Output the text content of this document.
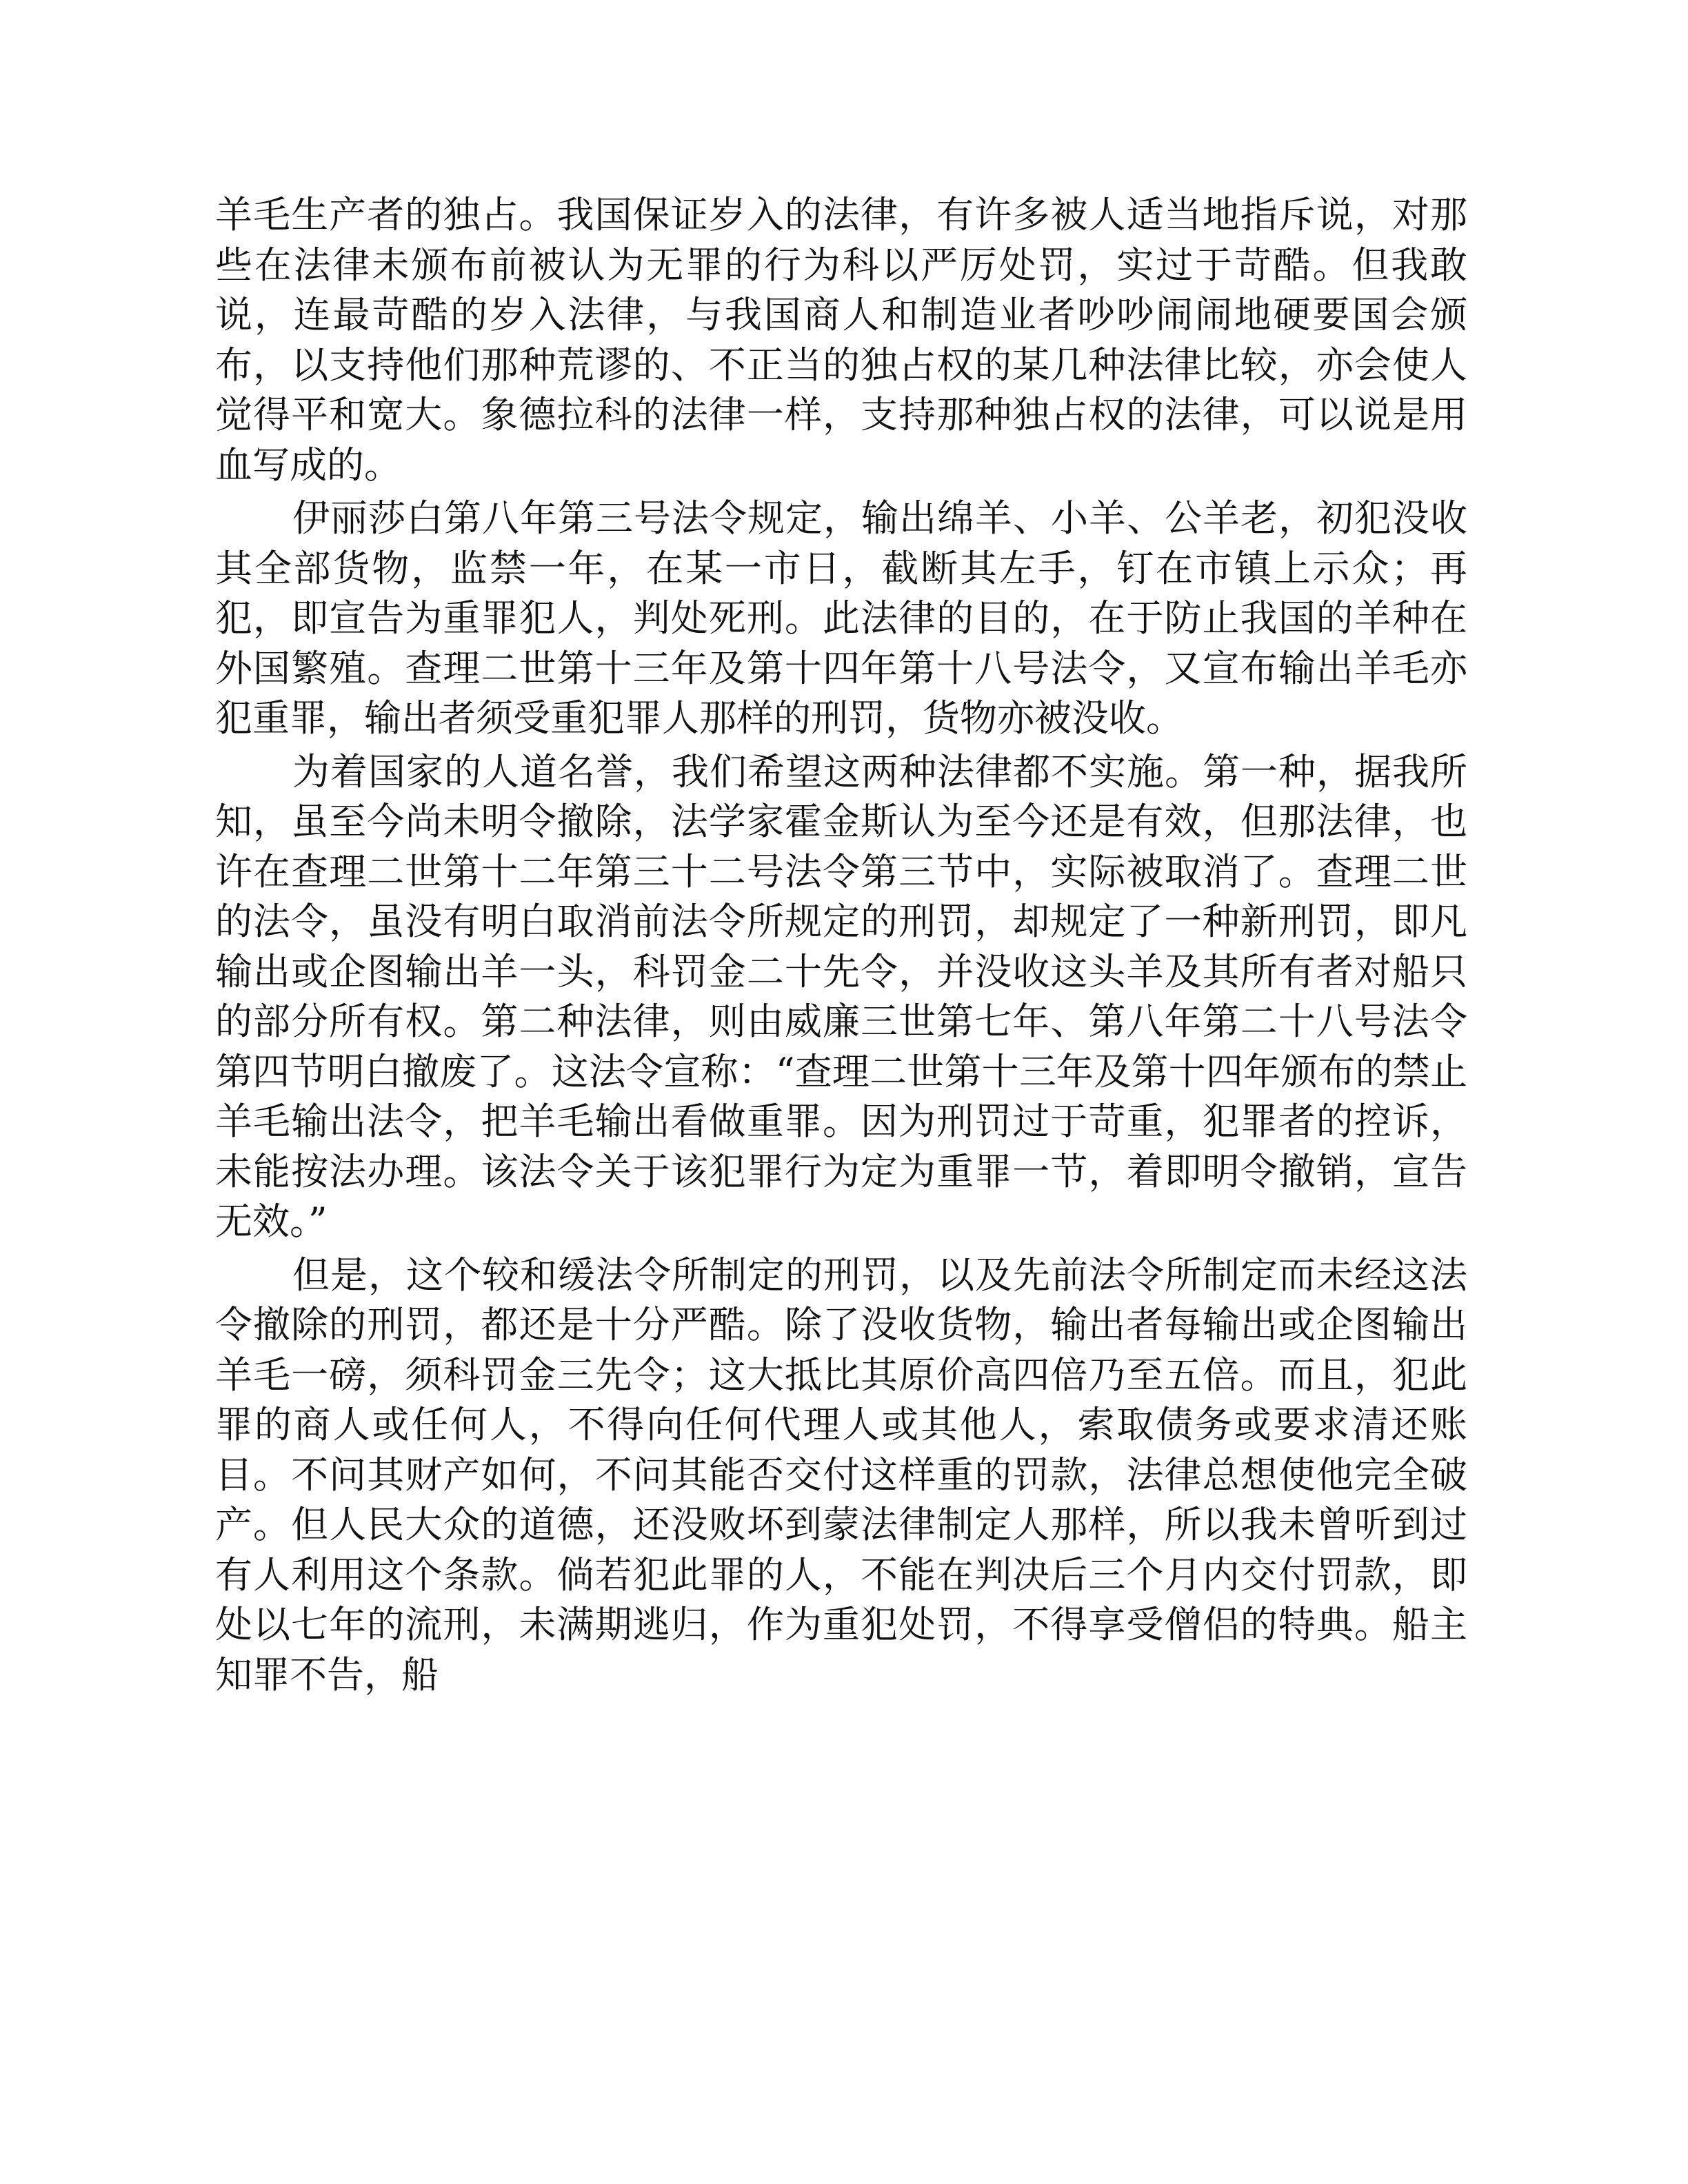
羊毛生产者的独占。我国保证岁入的法律，有许多被人适当地指斥说，对那些在法律未颁布前被认为无罪的行为科以严厉处罚，实过于苛酷。但我敢说，连最苛酷的岁入法律，与我国商人和制造业者吵吵闹闹地硬要国会颁布，以支持他们那种荒谬的、不正当的独占权的某几种法律比较，亦会使人觉得平和宽大。象德拉科的法律一样，支持那种独占权的法律，可以说是用血写成的。

伊丽莎白第八年第三号法令规定，输出绵羊、小羊、公羊老，初犯没收其全部货物，监禁一年，在某一市日，截断其左手，钉在市镇上示众；再犯，即宣告为重罪犯人，判处死刑。此法律的目的，在于防止我国的羊种在外国繁殖。查理二世第十三年及第十四年第十八号法令，又宣布输出羊毛亦犯重罪，输出者须受重犯罪人那样的刑罚，货物亦被没收。

为着国家的人道名誉，我们希望这两种法律都不实施。第一种，据我所知，虽至今尚未明令撤除，法学家霍金斯认为至今还是有效，但那法律，也许在查理二世第十二年第三十二号法令第三节中，实际被取消了。查理二世的法令，虽没有明白取消前法令所规定的刑罚，却规定了一种新刑罚，即凡输出或企图输出羊一头，科罚金二十先令，并没收这头羊及其所有者对船只的部分所有权。第二种法律，则由威廉三世第七年、第八年第二十八号法令第四节明白撤废了。这法令宣称：“查理二世第十三年及第十四年颁布的禁止羊毛输出法令，把羊毛输出看做重罪。因为刑罚过于苛重，犯罪者的控诉，未能按法办理。该法令关于该犯罪行为定为重罪一节，着即明令撤销，宣告无效。”

但是，这个较和缓法令所制定的刑罚，以及先前法令所制定而未经这法令撤除的刑罚，都还是十分严酷。除了没收货物，输出者每输出或企图输出羊毛一磅，须科罚金三先令；这大抵比其原价高四倍乃至五倍。而且，犯此罪的商人或任何人，不得向任何代理人或其他人，索取债务或要求清还账目。不问其财产如何，不问其能否交付这样重的罚款，法律总想使他完全破产。但人民大众的道德，还没败坏到蒙法律制定人那样，所以我未曾听到过有人利用这个条款。倘若犯此罪的人，不能在判决后三个月内交付罚款，即处以七年的流刑，未满期逃归，作为重犯处罚，不得享受僧侣的特典。船主知罪不告，船
